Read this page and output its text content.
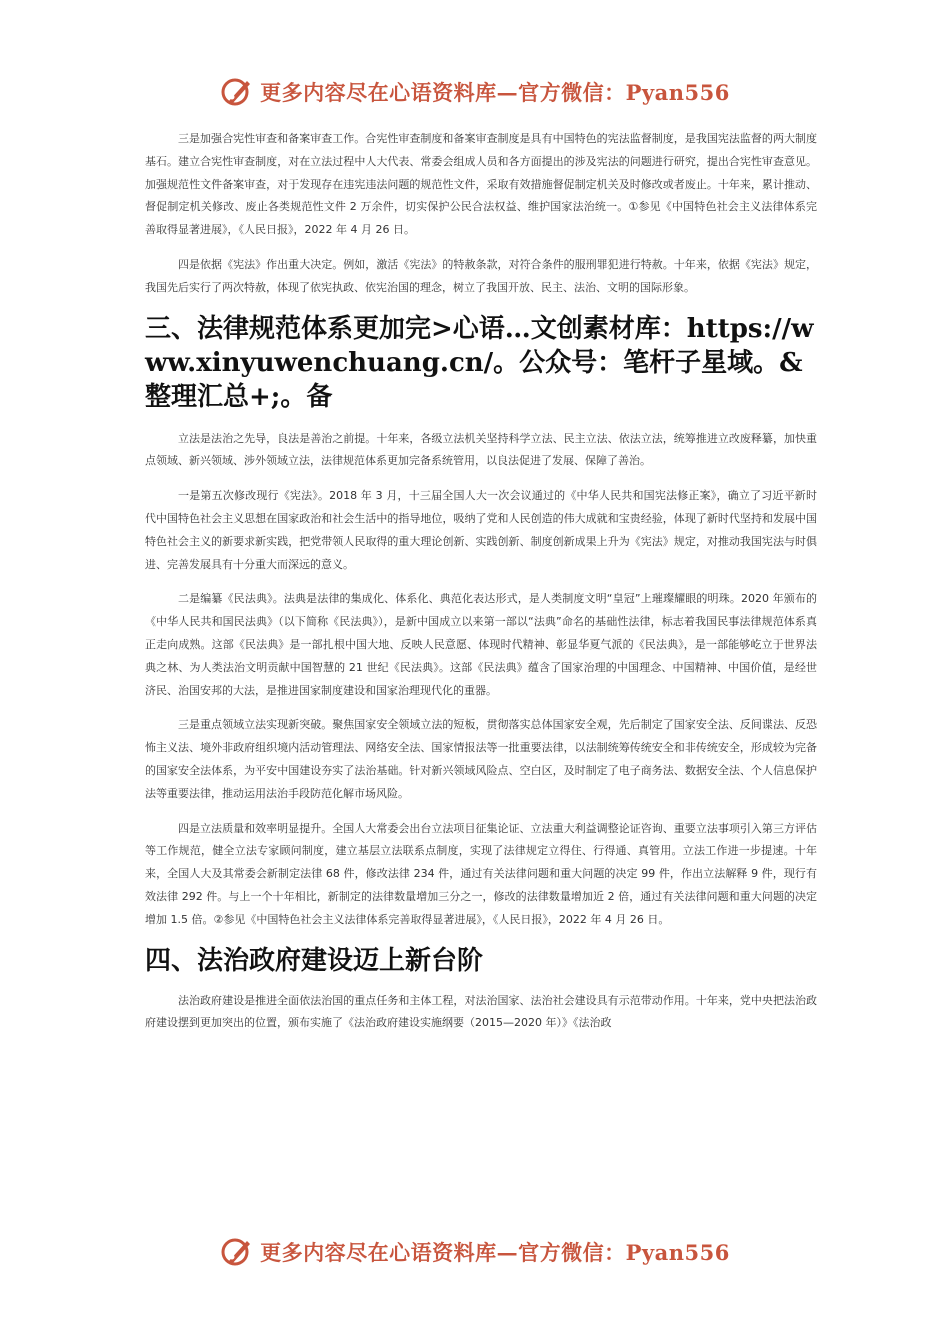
更多内容尽在心语资料库—官方微信：Pyan556

三是加强合宪性审查和备案审查工作。合宪性审查制度和备案审查制度是具有中国特色的宪法监督制度，是我国宪法监督的两大制度基石。建立合宪性审查制度，对在立法过程中人大代表、常委会组成人员和各方面提出的涉及宪法的问题进行研究，提出合宪性审查意见。加强规范性文件备案审查，对于发现存在违宪违法问题的规范性文件，采取有效措施督促制定机关及时修改或者废止。十年来，累计推动、督促制定机关修改、废止各类规范性文件 2 万余件，切实保护公民合法权益、维护国家法治统一。①参见《中国特色社会主义法律体系完善取得显著进展》，《人民日报》，2022 年 4 月 26 日。

四是依据《宪法》作出重大决定。例如，激活《宪法》的特赦条款，对符合条件的服刑罪犯进行特赦。十年来，依据《宪法》规定，我国先后实行了两次特赦，体现了依宪执政、依宪治国的理念，树立了我国开放、民主、法治、文明的国际形象。

三、法律规范体系更加完>心语…文创素材库：https://www.xinyuwenchuang.cn/。公众号：笔杆子星域。&整理汇总+;。备

立法是法治之先导，良法是善治之前提。十年来，各级立法机关坚持科学立法、民主立法、依法立法，统筹推进立改废释纂，加快重点领域、新兴领域、涉外领域立法，法律规范体系更加完备系统管用，以良法促进了发展、保障了善治。

一是第五次修改现行《宪法》。2018 年 3 月，十三届全国人大一次会议通过的《中华人民共和国宪法修正案》，确立了习近平新时代中国特色社会主义思想在国家政治和社会生活中的指导地位，吸纳了党和人民创造的伟大成就和宝贵经验，体现了新时代坚持和发展中国特色社会主义的新要求新实践，把党带领人民取得的重大理论创新、实践创新、制度创新成果上升为《宪法》规定，对推动我国宪法与时俱进、完善发展具有十分重大而深远的意义。

二是编纂《民法典》。法典是法律的集成化、体系化、典范化表达形式，是人类制度文明“皇冠”上璀璨耀眼的明珠。2020 年颁布的《中华人民共和国民法典》（以下简称《民法典》），是新中国成立以来第一部以“法典”命名的基础性法律，标志着我国民事法律规范体系真正走向成熟。这部《民法典》是一部扎根中国大地、反映人民意愿、体现时代精神、彰显华夏气派的《民法典》，是一部能够屹立于世界法典之林、为人类法治文明贡献中国智慧的 21 世纪《民法典》。这部《民法典》蕴含了国家治理的中国理念、中国精神、中国价值，是经世济民、治国安邦的大法，是推进国家制度建设和国家治理现代化的重器。

三是重点领域立法实现新突破。聚焦国家安全领域立法的短板，贯彻落实总体国家安全观，先后制定了国家安全法、反间谍法、反恐怖主义法、境外非政府组织境内活动管理法、网络安全法、国家情报法等一批重要法律，以法制统筹传统安全和非传统安全，形成较为完备的国家安全法体系，为平安中国建设夯实了法治基础。针对新兴领域风险点、空白区，及时制定了电子商务法、数据安全法、个人信息保护法等重要法律，推动运用法治手段防范化解市场风险。

四是立法质量和效率明显提升。全国人大常委会出台立法项目征集论证、立法重大利益调整论证咨询、重要立法事项引入第三方评估等工作规范，健全立法专家顾问制度，建立基层立法联系点制度，实现了法律规定立得住、行得通、真管用。立法工作进一步提速。十年来，全国人大及其常委会新制定法律 68 件，修改法律 234 件，通过有关法律问题和重大问题的决定 99 件，作出立法解释 9 件，现行有效法律 292 件。与上一个十年相比，新制定的法律数量增加三分之一，修改的法律数量增加近 2 倍，通过有关法律问题和重大问题的决定增加 1.5 倍。②参见《中国特色社会主义法律体系完善取得显著进展》，《人民日报》，2022 年 4 月 26 日。

四、法治政府建设迈上新台阶

法治政府建设是推进全面依法治国的重点任务和主体工程，对法治国家、法治社会建设具有示范带动作用。十年来，党中央把法治政府建设摆到更加突出的位置，颁布实施了《法治政府建设实施纲要（2015—2020 年）》《法治政

更多内容尽在心语资料库—官方微信：Pyan556
